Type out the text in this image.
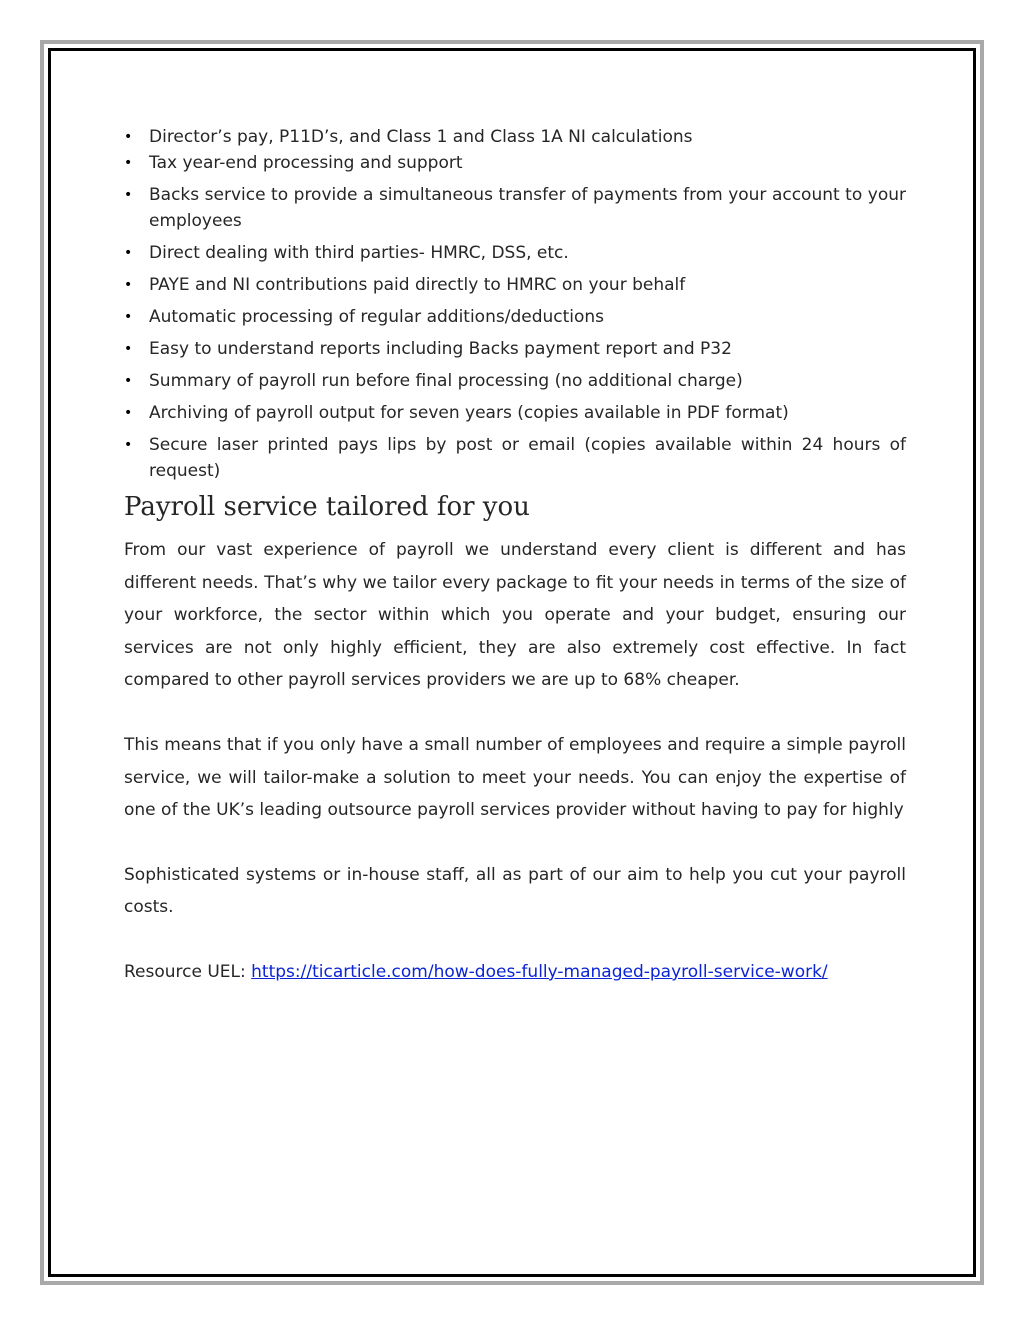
• Director’s pay, P11D’s, and Class 1 and Class 1A NI calculations
• Tax year-end processing and support
• Backs service to provide a simultaneous transfer of payments from your account to your employees
• Direct dealing with third parties- HMRC, DSS, etc.
• PAYE and NI contributions paid directly to HMRC on your behalf
• Automatic processing of regular additions/deductions
• Easy to understand reports including Backs payment report and P32
• Summary of payroll run before final processing (no additional charge)
• Archiving of payroll output for seven years (copies available in PDF format)
• Secure laser printed pays lips by post or email (copies available within 24 hours of request)
Payroll service tailored for you

From our vast experience of payroll we understand every client is different and has different needs. That’s why we tailor every package to fit your needs in terms of the size of your workforce, the sector within which you operate and your budget, ensuring our services are not only highly efficient, they are also extremely cost effective. In fact compared to other payroll services providers we are up to 68% cheaper.

This means that if you only have a small number of employees and require a simple payroll service, we will tailor-make a solution to meet your needs. You can enjoy the expertise of one of the UK’s leading outsource payroll services provider without having to pay for highly

Sophisticated systems or in-house staff, all as part of our aim to help you cut your payroll costs.

Resource UEL: https://ticarticle.com/how-does-fully-managed-payroll-service-work/
